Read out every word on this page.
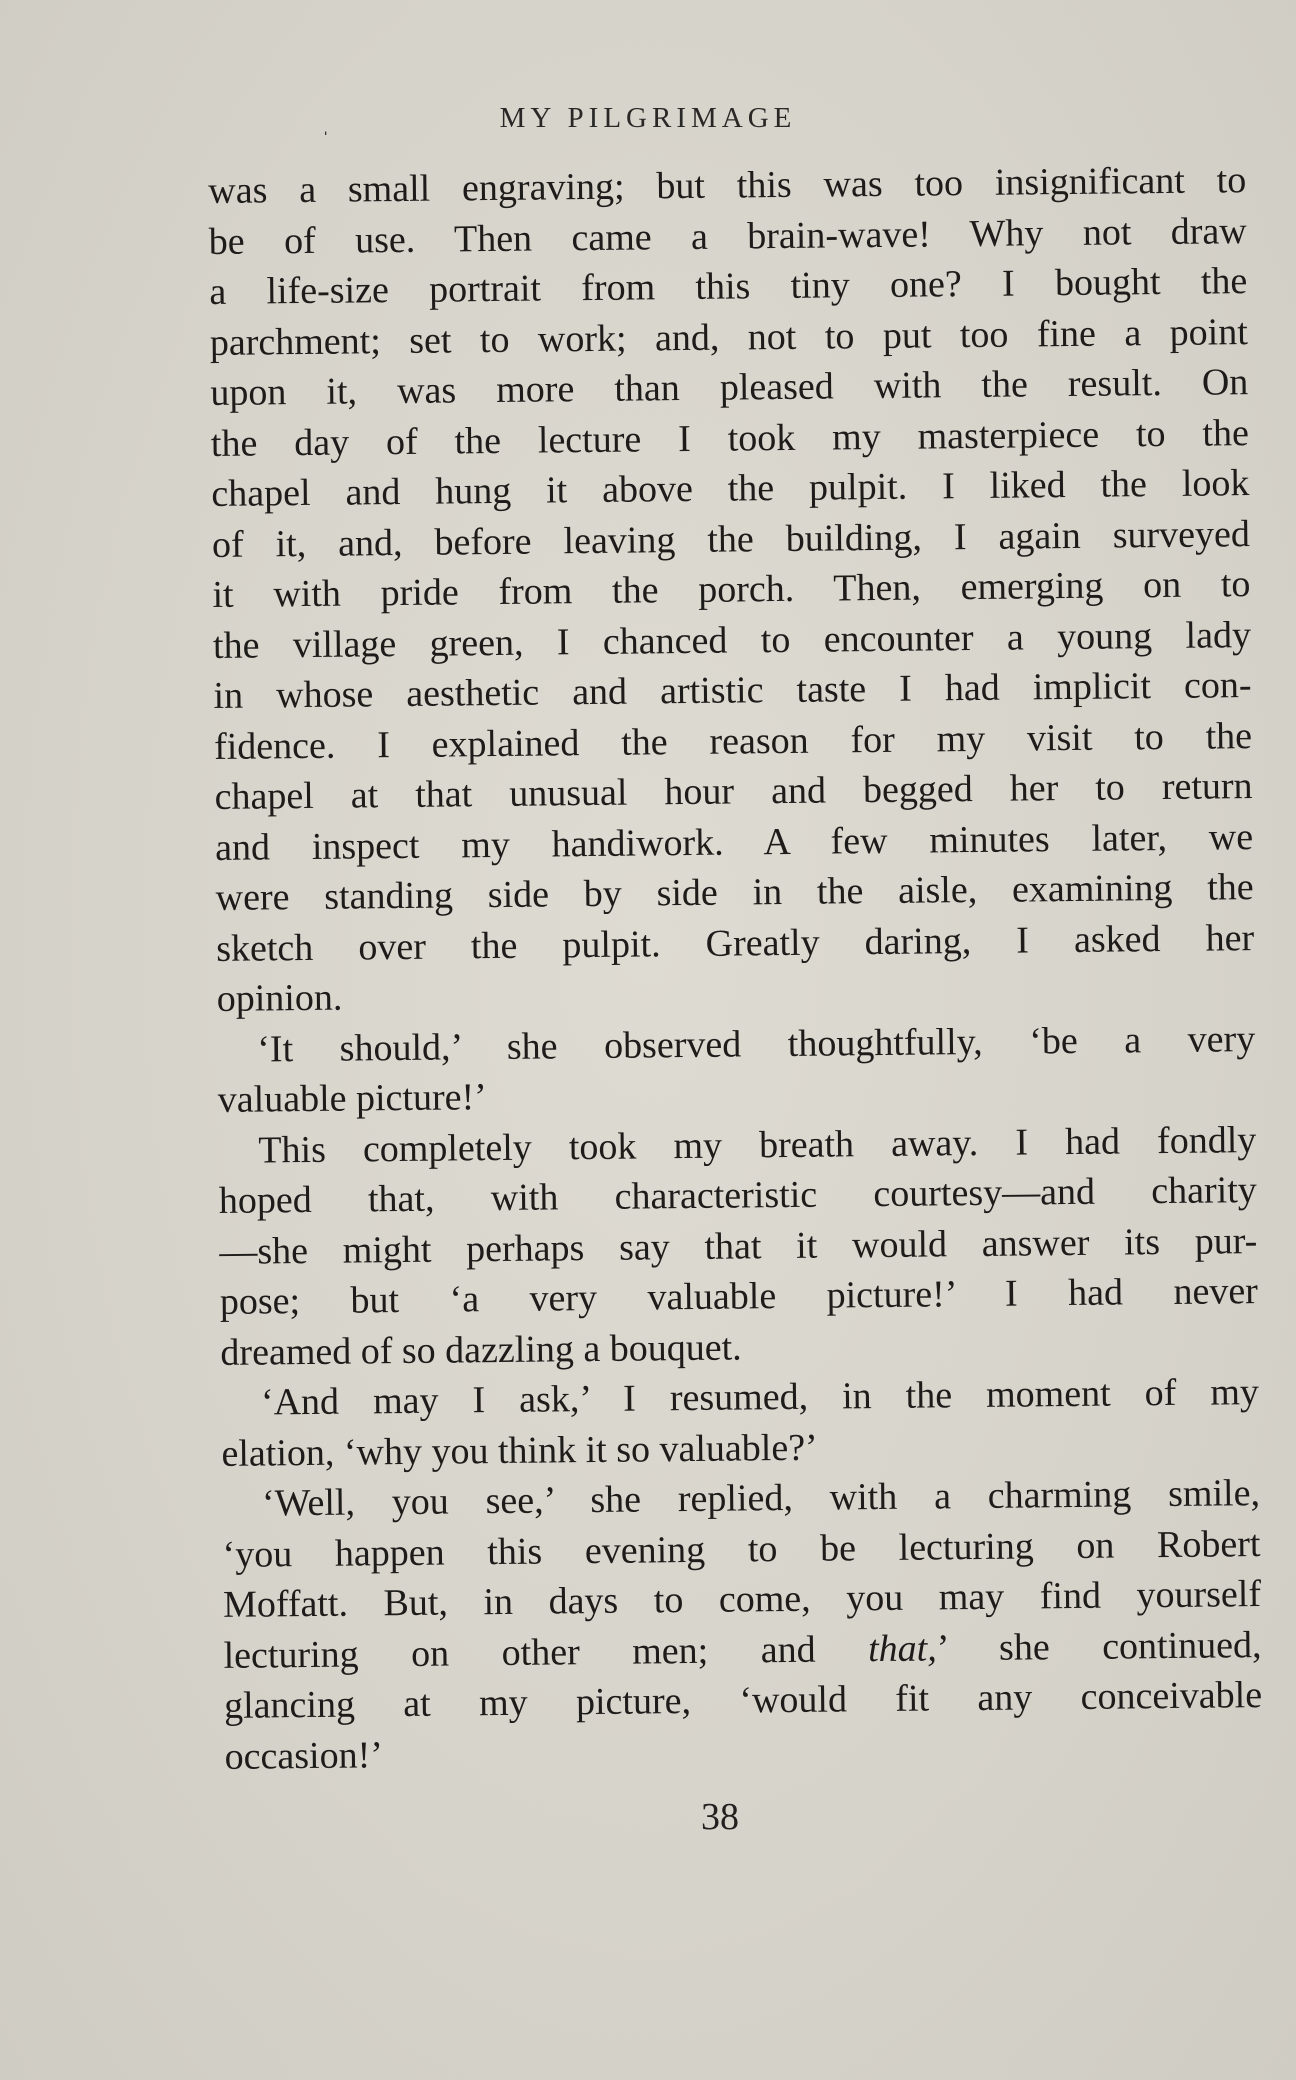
ˌ	MY PILGRIMAGE
was a small engraving; but this was too insignificant to
be of use. Then came a brain-wave! Why not draw
a life-size portrait from this tiny one? I bought the
parchment; set to work; and, not to put too fine a point
upon it, was more than pleased with the result. On
the day of the lecture I took my masterpiece to the
chapel and hung it above the pulpit. I liked the look
of it, and, before leaving the building, I again surveyed
it with pride from the porch. Then, emerging on to
the village green, I chanced to encounter a young lady
in whose aesthetic and artistic taste I had implicit con-
fidence. I explained the reason for my visit to the
chapel at that unusual hour and begged her to return
and inspect my handiwork. A few minutes later, we
were standing side by side in the aisle, examining the
sketch over the pulpit. Greatly daring, I asked her
opinion.
‘It should,’ she observed thoughtfully, ‘be a very
valuable picture!’
This completely took my breath away. I had fondly
hoped that, with characteristic courtesy—and charity
—she might perhaps say that it would answer its pur-
pose; but ‘a very valuable picture!’ I had never
dreamed of so dazzling a bouquet.
‘And may I ask,’ I resumed, in the moment of my
elation, ‘why you think it so valuable?’
‘Well, you see,’ she replied, with a charming smile,
‘you happen this evening to be lecturing on Robert
Moffatt. But, in days to come, you may find yourself
lecturing on other men; and that,’ she continued,
glancing at my picture, ‘would fit any conceivable
occasion!’
38
